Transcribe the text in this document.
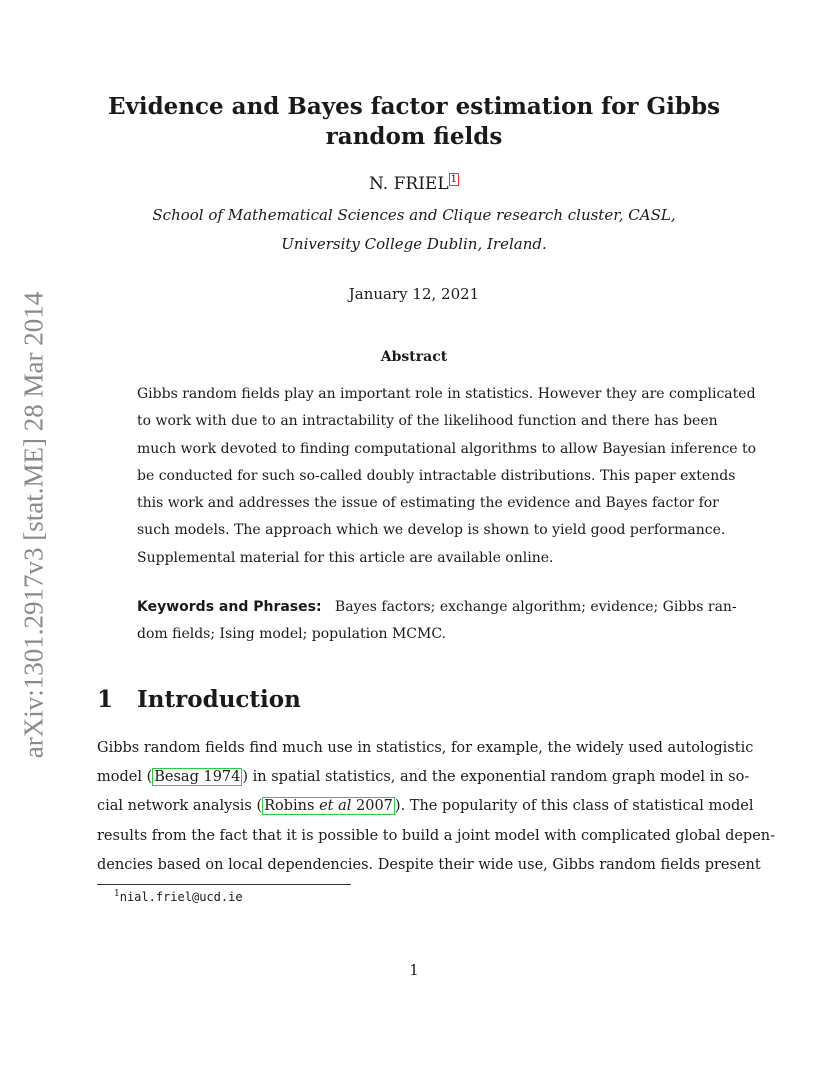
arXiv:1301.2917v3 [stat.ME] 28 Mar 2014
Evidence and Bayes factor estimation for Gibbs
random fields
N. FRIEL $^1$
School of Mathematical Sciences and Clique research cluster, CASL,
University College Dublin, Ireland.
January 12, 2021
Abstract
Gibbs random fields play an important role in statistics. However they are complicated
to work with due to an intractability of the likelihood function and there has been
much work devoted to finding computational algorithms to allow Bayesian inference to
be conducted for such so-called doubly intractable distributions. This paper extends
this work and addresses the issue of estimating the evidence and Bayes factor for
such models. The approach which we develop is shown to yield good performance.
Supplemental material for this article are available online.
Keywords and Phrases: Bayes factors; exchange algorithm; evidence; Gibbs ran-
dom fields; Ising model; population MCMC.
1 Introduction
Gibbs random fields find much use in statistics, for example, the widely used autologistic
model ( Besag 1974 ) in spatial statistics, and the exponential random graph model in so-
cial network analysis ( Robins et al 2007 ). The popularity of this class of statistical model
results from the fact that it is possible to build a joint model with complicated global depen-
dencies based on local dependencies. Despite their wide use, Gibbs random fields present
$^1$nial.friel@ucd.ie
1
